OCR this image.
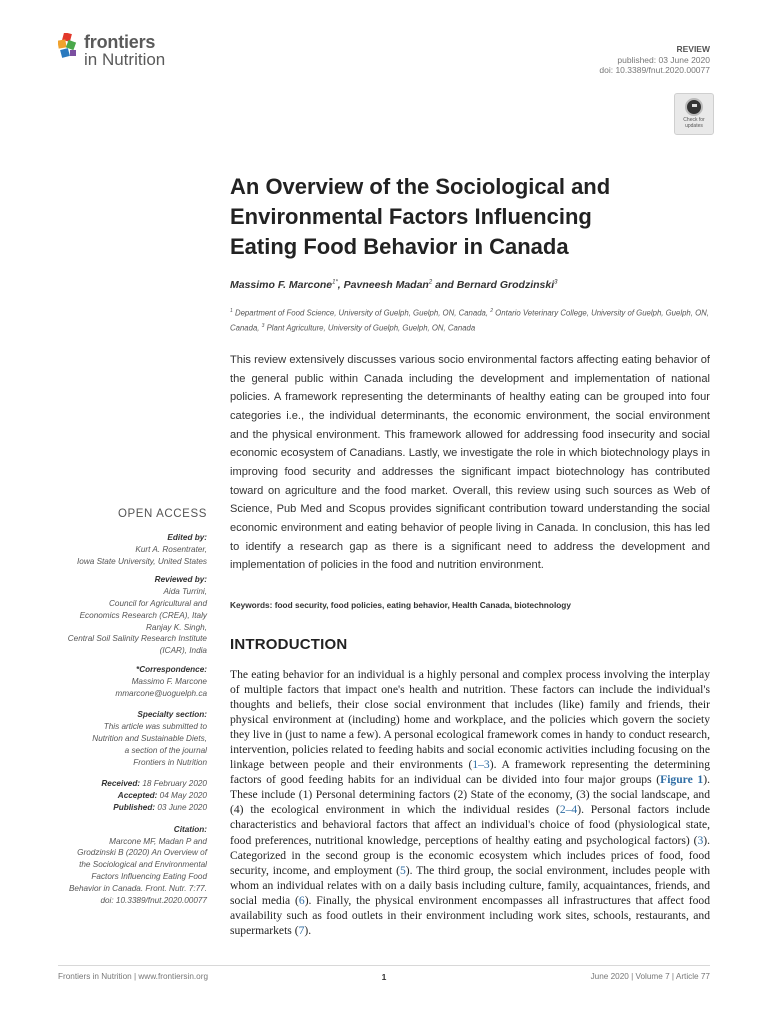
frontiers
in Nutrition
REVIEW
published: 03 June 2020
doi: 10.3389/fnut.2020.00077
Check for updates
An Overview of the Sociological and
Environmental Factors Influencing
Eating Food Behavior in Canada
Massimo F. Marcone$^{1*}$, Pavneesh Madan$^2$ and Bernard Grodzinski$^3$
$^1$ Department of Food Science, University of Guelph, Guelph, ON, Canada, $^2$ Ontario Veterinary College, University of Guelph, Guelph, ON, Canada, $^3$ Plant Agriculture, University of Guelph, Guelph, ON, Canada
This review extensively discusses various socio environmental factors affecting eating behavior of the general public within Canada including the development and implementation of national policies. A framework representing the determinants of healthy eating can be grouped into four categories i.e., the individual determinants, the economic environment, the social environment and the physical environment. This framework allowed for addressing food insecurity and social economic ecosystem of Canadians. Lastly, we investigate the role in which biotechnology plays in improving food security and addresses the significant impact biotechnology has contributed toward on agriculture and the food market. Overall, this review using such sources as Web of Science, Pub Med and Scopus provides significant contribution toward understanding the social economic environment and eating behavior of people living in Canada. In conclusion, this has led to identify a research gap as there is a significant need to address the development and implementation of policies in the food and nutrition environment.
Keywords: food security, food policies, eating behavior, Health Canada, biotechnology
INTRODUCTION
The eating behavior for an individual is a highly personal and complex process involving the interplay of multiple factors that impact one's health and nutrition. These factors can include the individual's thoughts and beliefs, their close social environment that includes (like) family and friends, their physical environment at (including) home and workplace, and the policies which govern the society they live in (just to name a few). A personal ecological framework comes in handy to conduct research, intervention, policies related to feeding habits and social economic activities including focusing on the linkage between people and their environments (1–3). A framework representing the determining factors of good feeding habits for an individual can be divided into four major groups (Figure 1). These include (1) Personal determining factors (2) State of the economy, (3) the social landscape, and (4) the ecological environment in which the individual resides (2–4). Personal factors include characteristics and behavioral factors that affect an individual's choice of food (physiological state, food preferences, nutritional knowledge, perceptions of healthy eating and psychological factors) (3). Categorized in the second group is the economic ecosystem which includes prices of food, food security, income, and employment (5). The third group, the social environment, includes people with whom an individual relates with on a daily basis including culture, family, acquaintances, friends, and social media (6). Finally, the physical environment encompasses all infrastructures that affect food availability such as food outlets in their environment including work sites, schools, restaurants, and supermarkets (7).
OPEN ACCESS
Edited by:
Kurt A. Rosentrater,
Iowa State University, United States
Reviewed by:
Aida Turrini,
Council for Agricultural and
Economics Research (CREA), Italy
Ranjay K. Singh,
Central Soil Salinity Research Institute
(ICAR), India
*Correspondence:
Massimo F. Marcone
mmarcone@uoguelph.ca
Specialty section:
This article was submitted to
Nutrition and Sustainable Diets,
a section of the journal
Frontiers in Nutrition
Received: 18 February 2020
Accepted: 04 May 2020
Published: 03 June 2020
Citation:
Marcone MF, Madan P and
Grodzinski B (2020) An Overview of
the Sociological and Environmental
Factors Influencing Eating Food
Behavior in Canada. Front. Nutr. 7:77.
doi: 10.3389/fnut.2020.00077
Frontiers in Nutrition | www.frontiersin.org	1	June 2020 | Volume 7 | Article 77
